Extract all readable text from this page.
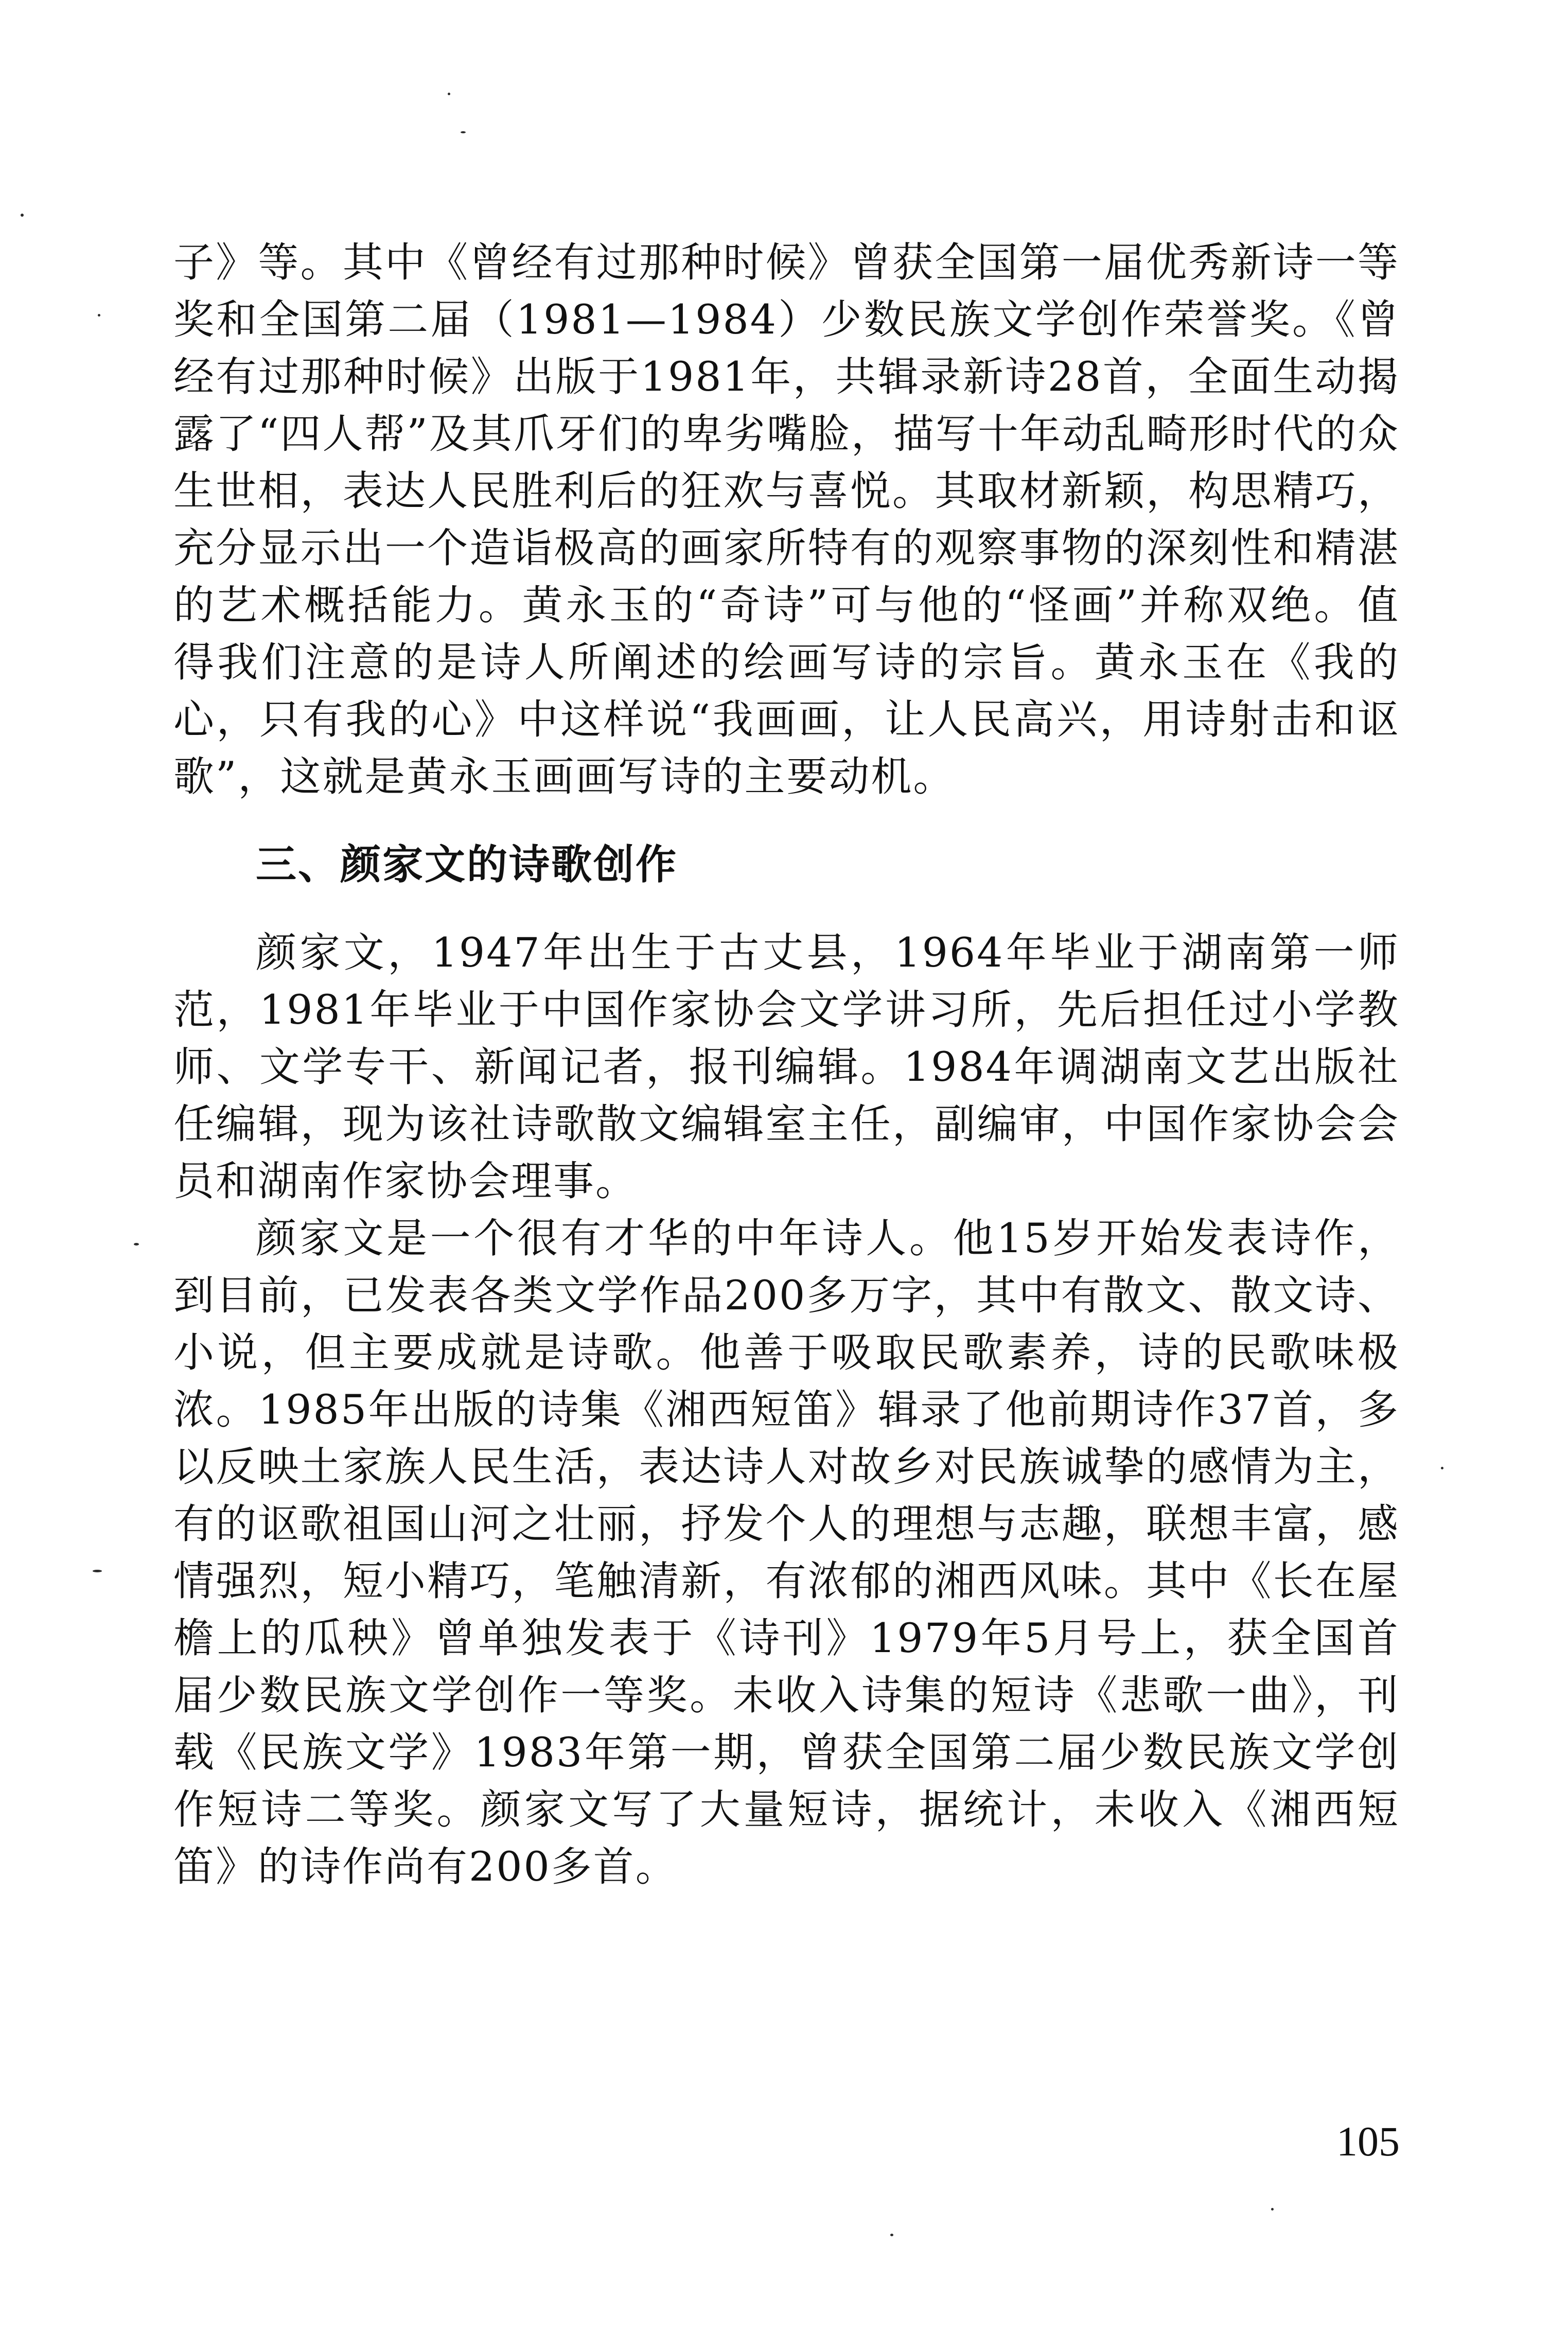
子》等。其中《曾经有过那种时候》曾获全国第一届优秀新诗一等奖和全国第二届（1981—1984）少数民族文学创作荣誉奖。《曾经有过那种时候》出版于1981年，共辑录新诗28首，全面生动揭露了“四人帮”及其爪牙们的卑劣嘴脸，描写十年动乱畸形时代的众生世相，表达人民胜利后的狂欢与喜悦。其取材新颖，构思精巧，充分显示出一个造诣极高的画家所特有的观察事物的深刻性和精湛的艺术概括能力。黄永玉的“奇诗”可与他的“怪画”并称双绝。值得我们注意的是诗人所阐述的绘画写诗的宗旨。黄永玉在《我的心，只有我的心》中这样说“我画画，让人民高兴，用诗射击和讴歌”，这就是黄永玉画画写诗的主要动机。

三、颜家文的诗歌创作

颜家文，1947年出生于古丈县，1964年毕业于湖南第一师范，1981年毕业于中国作家协会文学讲习所，先后担任过小学教师、文学专干、新闻记者，报刊编辑。1984年调湖南文艺出版社任编辑，现为该社诗歌散文编辑室主任，副编审，中国作家协会会员和湖南作家协会理事。

颜家文是一个很有才华的中年诗人。他15岁开始发表诗作，到目前，已发表各类文学作品200多万字，其中有散文、散文诗、小说，但主要成就是诗歌。他善于吸取民歌素养，诗的民歌味极浓。1985年出版的诗集《湘西短笛》辑录了他前期诗作37首，多以反映土家族人民生活，表达诗人对故乡对民族诚挚的感情为主，有的讴歌祖国山河之壮丽，抒发个人的理想与志趣，联想丰富，感情强烈，短小精巧，笔触清新，有浓郁的湘西风味。其中《长在屋檐上的瓜秧》曾单独发表于《诗刊》1979年5月号上，获全国首届少数民族文学创作一等奖。未收入诗集的短诗《悲歌一曲》，刊载《民族文学》1983年第一期，曾获全国第二届少数民族文学创作短诗二等奖。颜家文写了大量短诗，据统计，未收入《湘西短笛》的诗作尚有200多首。

105
